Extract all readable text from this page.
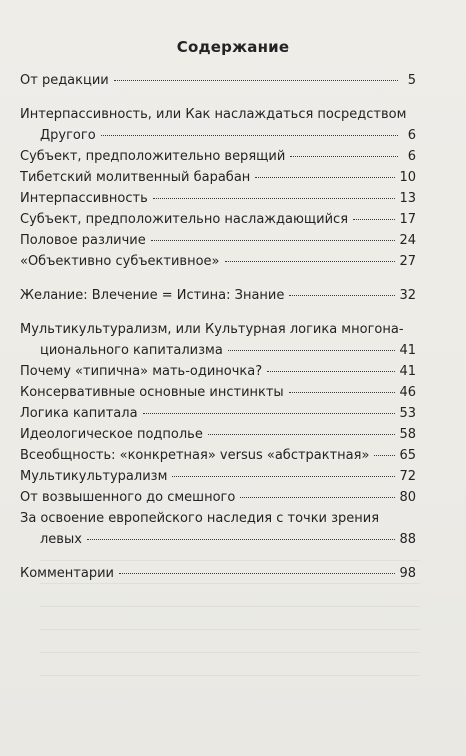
Содержание
От редакции	5
Интерпассивность, или Как наслаждаться посредством
Другого	6
Субъект, предположительно верящий	6
Тибетский молитвенный барабан	10
Интерпассивность	13
Субъект, предположительно наслаждающийся	17
Половое различие	24
«Объективно субъективное»	27
Желание: Влечение = Истина: Знание	32
Мультикультурализм, или Культурная логика многона-
ционального капитализма	41
Почему «типична» мать-одиночка?	41
Консервативные основные инстинкты	46
Логика капитала	53
Идеологическое подполье	58
Всеобщность: «конкретная» versus «абстрактная» 65
Мультикультурализм	72
От возвышенного до смешного	80
За освоение европейского наследия с точки зрения
левых	88
Комментарии	98
